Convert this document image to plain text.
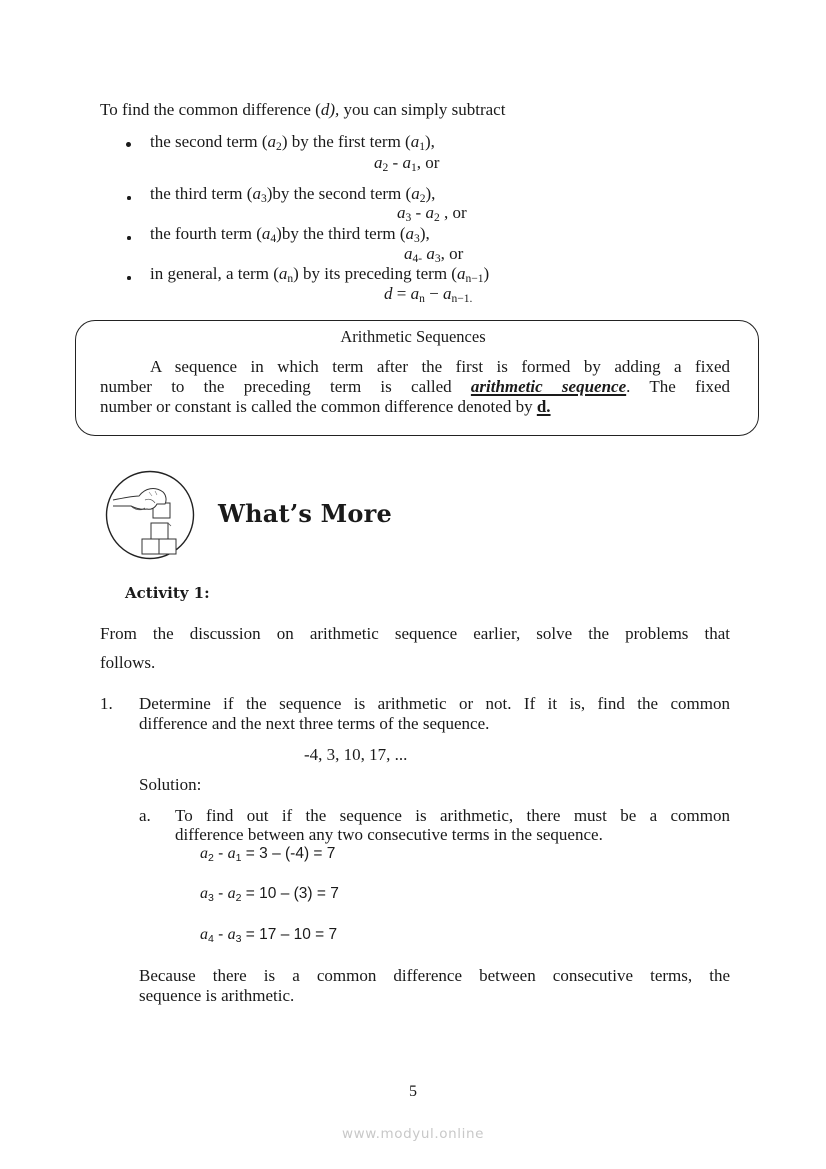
To find the common difference (d), you can simply subtract
the second term $(a_2)$ by the first term $(a_1)$,
$a_2 - a_1$, or
the third term $(a_3)by$ the second term $(a_2)$,
$a_3 - a_2$ , or
the fourth term $(a_4)by$ the third term $(a_3)$,
$a_{4-}$ $a_3$, or
in general, a term $(a_n)$ by its preceding term $(a_{n-1})$
$d = a_n - a_{n-1.}$
Arithmetic Sequences
A sequence in which term after the first is formed by adding a fixed
number to the preceding term is called arithmetic sequence. The fixed
number or constant is called the common difference denoted by d.
What’s More
Activity 1:
From the discussion on arithmetic sequence earlier, solve the problems that
follows.
1. Determine if the sequence is arithmetic or not. If it is, find the common
difference and the next three terms of the sequence.
-4, 3, 10, 17, ...
Solution:
a. To find out if the sequence is arithmetic, there must be a common
difference between any two consecutive terms in the sequence.
$a_2 - a_1 = 3 - (-4) = 7$
$a_3 - a_2 = 10 - (3) = 7$
$a_4 - a_3 = 17 - 10 = 7$
Because there is a common difference between consecutive terms, the
sequence is arithmetic.
5
www.modyul.online
